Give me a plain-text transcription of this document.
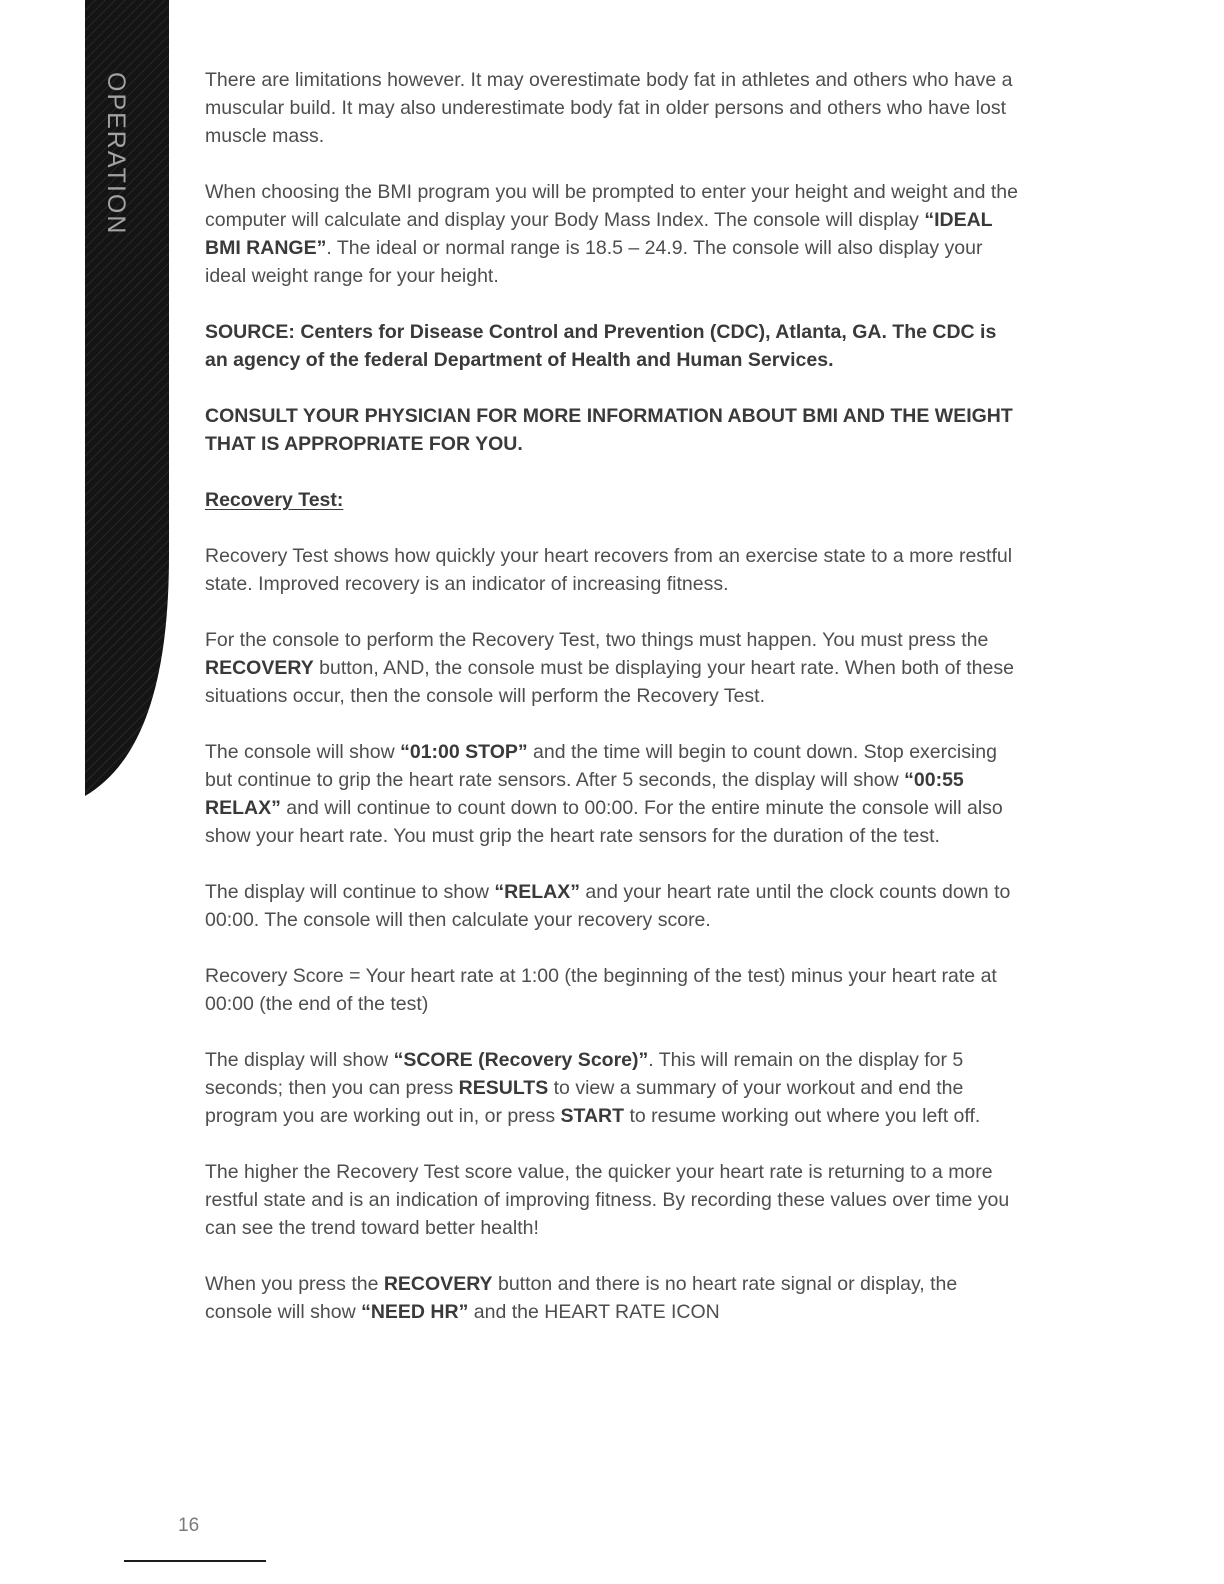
OPERATION	There are limitations however. It may overestimate body fat in athletes and others who have a muscular build. It may also underestimate body fat in older persons and others who have lost muscle mass.

When choosing the BMI program you will be prompted to enter your height and weight and the computer will calculate and display your Body Mass Index. The console will display “IDEAL BMI RANGE”. The ideal or normal range is 18.5 – 24.9. The console will also display your ideal weight range for your height.

SOURCE: Centers for Disease Control and Prevention (CDC), Atlanta, GA. The CDC is an agency of the federal Department of Health and Human Services.

CONSULT YOUR PHYSICIAN FOR MORE INFORMATION ABOUT BMI AND THE WEIGHT THAT IS APPROPRIATE FOR YOU.

Recovery Test:

Recovery Test shows how quickly your heart recovers from an exercise state to a more restful state. Improved recovery is an indicator of increasing fitness.

For the console to perform the Recovery Test, two things must happen. You must press the RECOVERY button, AND, the console must be displaying your heart rate. When both of these situations occur, then the console will perform the Recovery Test.

The console will show “01:00 STOP” and the time will begin to count down. Stop exercising but continue to grip the heart rate sensors. After 5 seconds, the display will show “00:55 RELAX” and will continue to count down to 00:00. For the entire minute the console will also show your heart rate. You must grip the heart rate sensors for the duration of the test.

The display will continue to show “RELAX” and your heart rate until the clock counts down to 00:00. The console will then calculate your recovery score.

Recovery Score = Your heart rate at 1:00 (the beginning of the test) minus your heart rate at 00:00 (the end of the test)

The display will show “SCORE (Recovery Score)”. This will remain on the display for 5 seconds; then you can press RESULTS to view a summary of your workout and end the program you are working out in, or press START to resume working out where you left off.

The higher the Recovery Test score value, the quicker your heart rate is returning to a more restful state and is an indication of improving fitness. By recording these values over time you can see the trend toward better health!

When you press the RECOVERY button and there is no heart rate signal or display, the console will show “NEED HR” and the HEART RATE ICON

16
